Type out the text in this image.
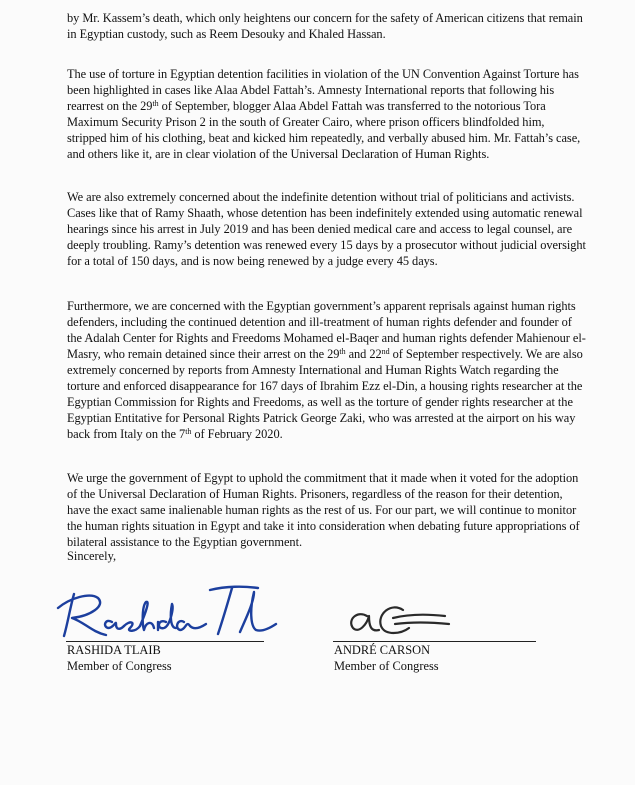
by Mr. Kassem’s death, which only heightens our concern for the safety of American citizens that remain in Egyptian custody, such as Reem Desouky and Khaled Hassan.

The use of torture in Egyptian detention facilities in violation of the UN Convention Against Torture has been highlighted in cases like Alaa Abdel Fattah’s. Amnesty International reports that following his rearrest on the 29th of September, blogger Alaa Abdel Fattah was transferred to the notorious Tora Maximum Security Prison 2 in the south of Greater Cairo, where prison officers blindfolded him, stripped him of his clothing, beat and kicked him repeatedly, and verbally abused him. Mr. Fattah’s case, and others like it, are in clear violation of the Universal Declaration of Human Rights.

We are also extremely concerned about the indefinite detention without trial of politicians and activists. Cases like that of Ramy Shaath, whose detention has been indefinitely extended using automatic renewal hearings since his arrest in July 2019 and has been denied medical care and access to legal counsel, are deeply troubling. Ramy’s detention was renewed every 15 days by a prosecutor without judicial oversight for a total of 150 days, and is now being renewed by a judge every 45 days.

Furthermore, we are concerned with the Egyptian government’s apparent reprisals against human rights defenders, including the continued detention and ill-treatment of human rights defender and founder of the Adalah Center for Rights and Freedoms Mohamed el-Baqer and human rights defender Mahienour el-Masry, who remain detained since their arrest on the 29th and 22nd of September respectively. We are also extremely concerned by reports from Amnesty International and Human Rights Watch regarding the torture and enforced disappearance for 167 days of Ibrahim Ezz el-Din, a housing rights researcher at the Egyptian Commission for Rights and Freedoms, as well as the torture of gender rights researcher at the Egyptian Entitative for Personal Rights Patrick George Zaki, who was arrested at the airport on his way back from Italy on the 7th of February 2020.

We urge the government of Egypt to uphold the commitment that it made when it voted for the adoption of the Universal Declaration of Human Rights. Prisoners, regardless of the reason for their detention, have the exact same inalienable human rights as the rest of us. For our part, we will continue to monitor the human rights situation in Egypt and take it into consideration when debating future appropriations of bilateral assistance to the Egyptian government.

Sincerely,
RASHIDA TLAIB
Member of Congress
ANDRÉ CARSON
Member of Congress
